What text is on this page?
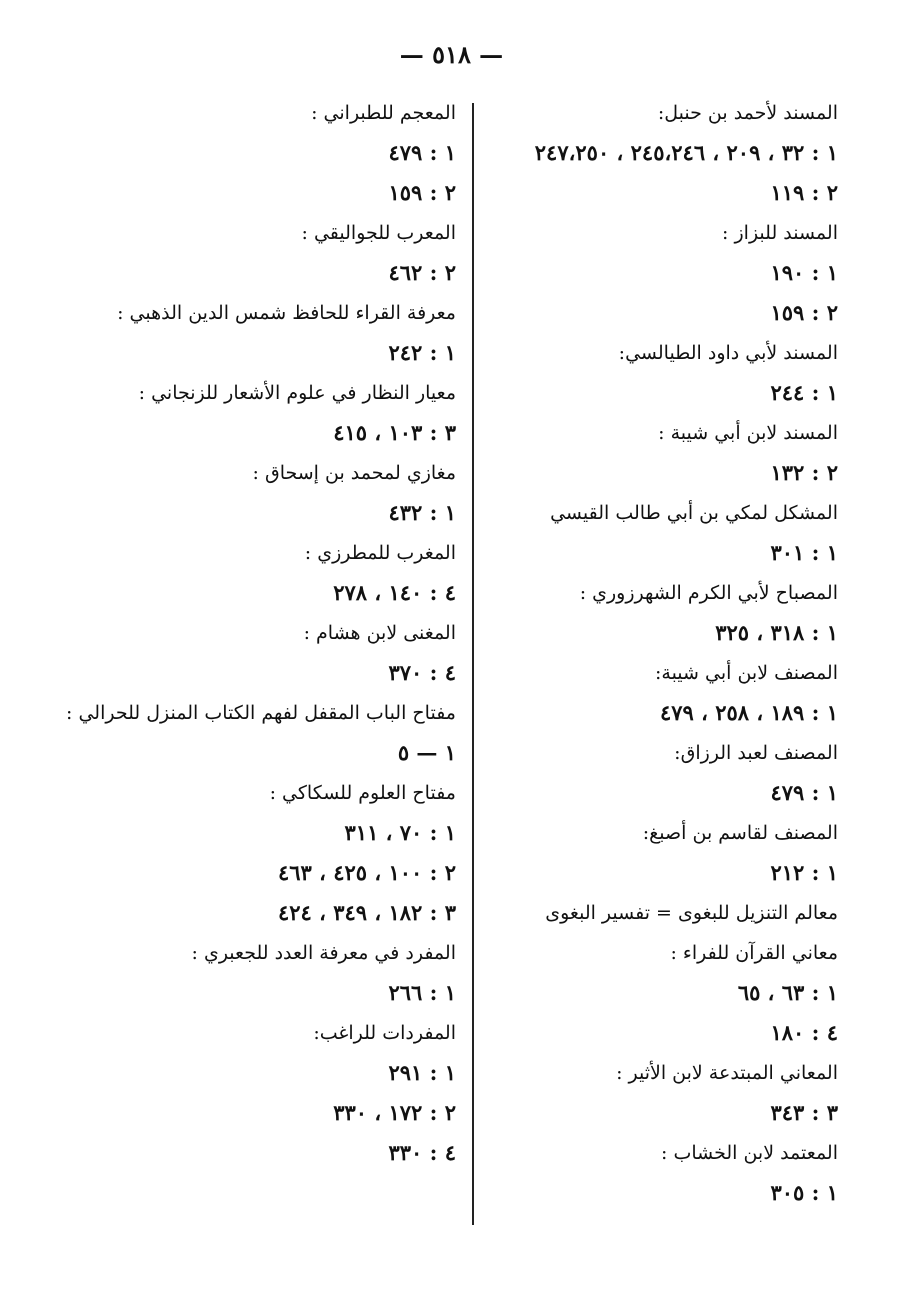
— ٥١٨ —
المسند لأحمد بن حنبل:
١ : ٣٢ ، ٢٠٩ ، ٢٤٥،٢٤٦ ، ٢٤٧،٢٥٠
٢ : ١١٩
المسند للبزاز :
١ : ١٩٠
٢ : ١٥٩
المسند لأبي داود الطيالسي:
١ : ٢٤٤
المسند لابن أبي شيبة :
٢ : ١٣٢
المشكل لمكي بن أبي طالب القيسي
١ : ٣٠١
المصباح لأبي الكرم الشهرزوري :
١ : ٣١٨ ، ٣٢٥
المصنف لابن أبي شيبة:
١ : ١٨٩ ، ٢٥٨ ، ٤٧٩
المصنف لعبد الرزاق:
١ : ٤٧٩
المصنف لقاسم بن أصبغ:
١ : ٢١٢
معالم التنزيل للبغوى = تفسير البغوى
معاني القرآن للفراء :
١ : ٦٣ ، ٦٥
٤ : ١٨٠
المعاني المبتدعة لابن الأثير :
٣ : ٣٤٣
المعتمد لابن الخشاب :
١ : ٣٠٥
المعجم للطبراني :
١ : ٤٧٩
٢ : ١٥٩
المعرب للجواليقي :
٢ : ٤٦٢
معرفة القراء للحافظ شمس الدين الذهبي :
١ : ٢٤٢
معيار النظار في علوم الأشعار للزنجاني :
٣ : ١٠٣ ، ٤١٥
مغازي لمحمد بن إسحاق :
١ : ٤٣٢
المغرب للمطرزي :
٤ : ١٤٠ ، ٢٧٨
المغنى لابن هشام :
٤ : ٣٧٠
مفتاح الباب المقفل لفهم الكتاب المنزل للحرالي :
١ — ٥
مفتاح العلوم للسكاكي :
١ : ٧٠ ، ٣١١
٢ : ١٠٠ ، ٤٢٥ ، ٤٦٣
٣ : ١٨٢ ، ٣٤٩ ، ٤٢٤
المفرد في معرفة العدد للجعبري :
١ : ٢٦٦
المفردات للراغب:
١ : ٢٩١
٢ : ١٧٢ ، ٣٣٠
٤ : ٣٣٠
